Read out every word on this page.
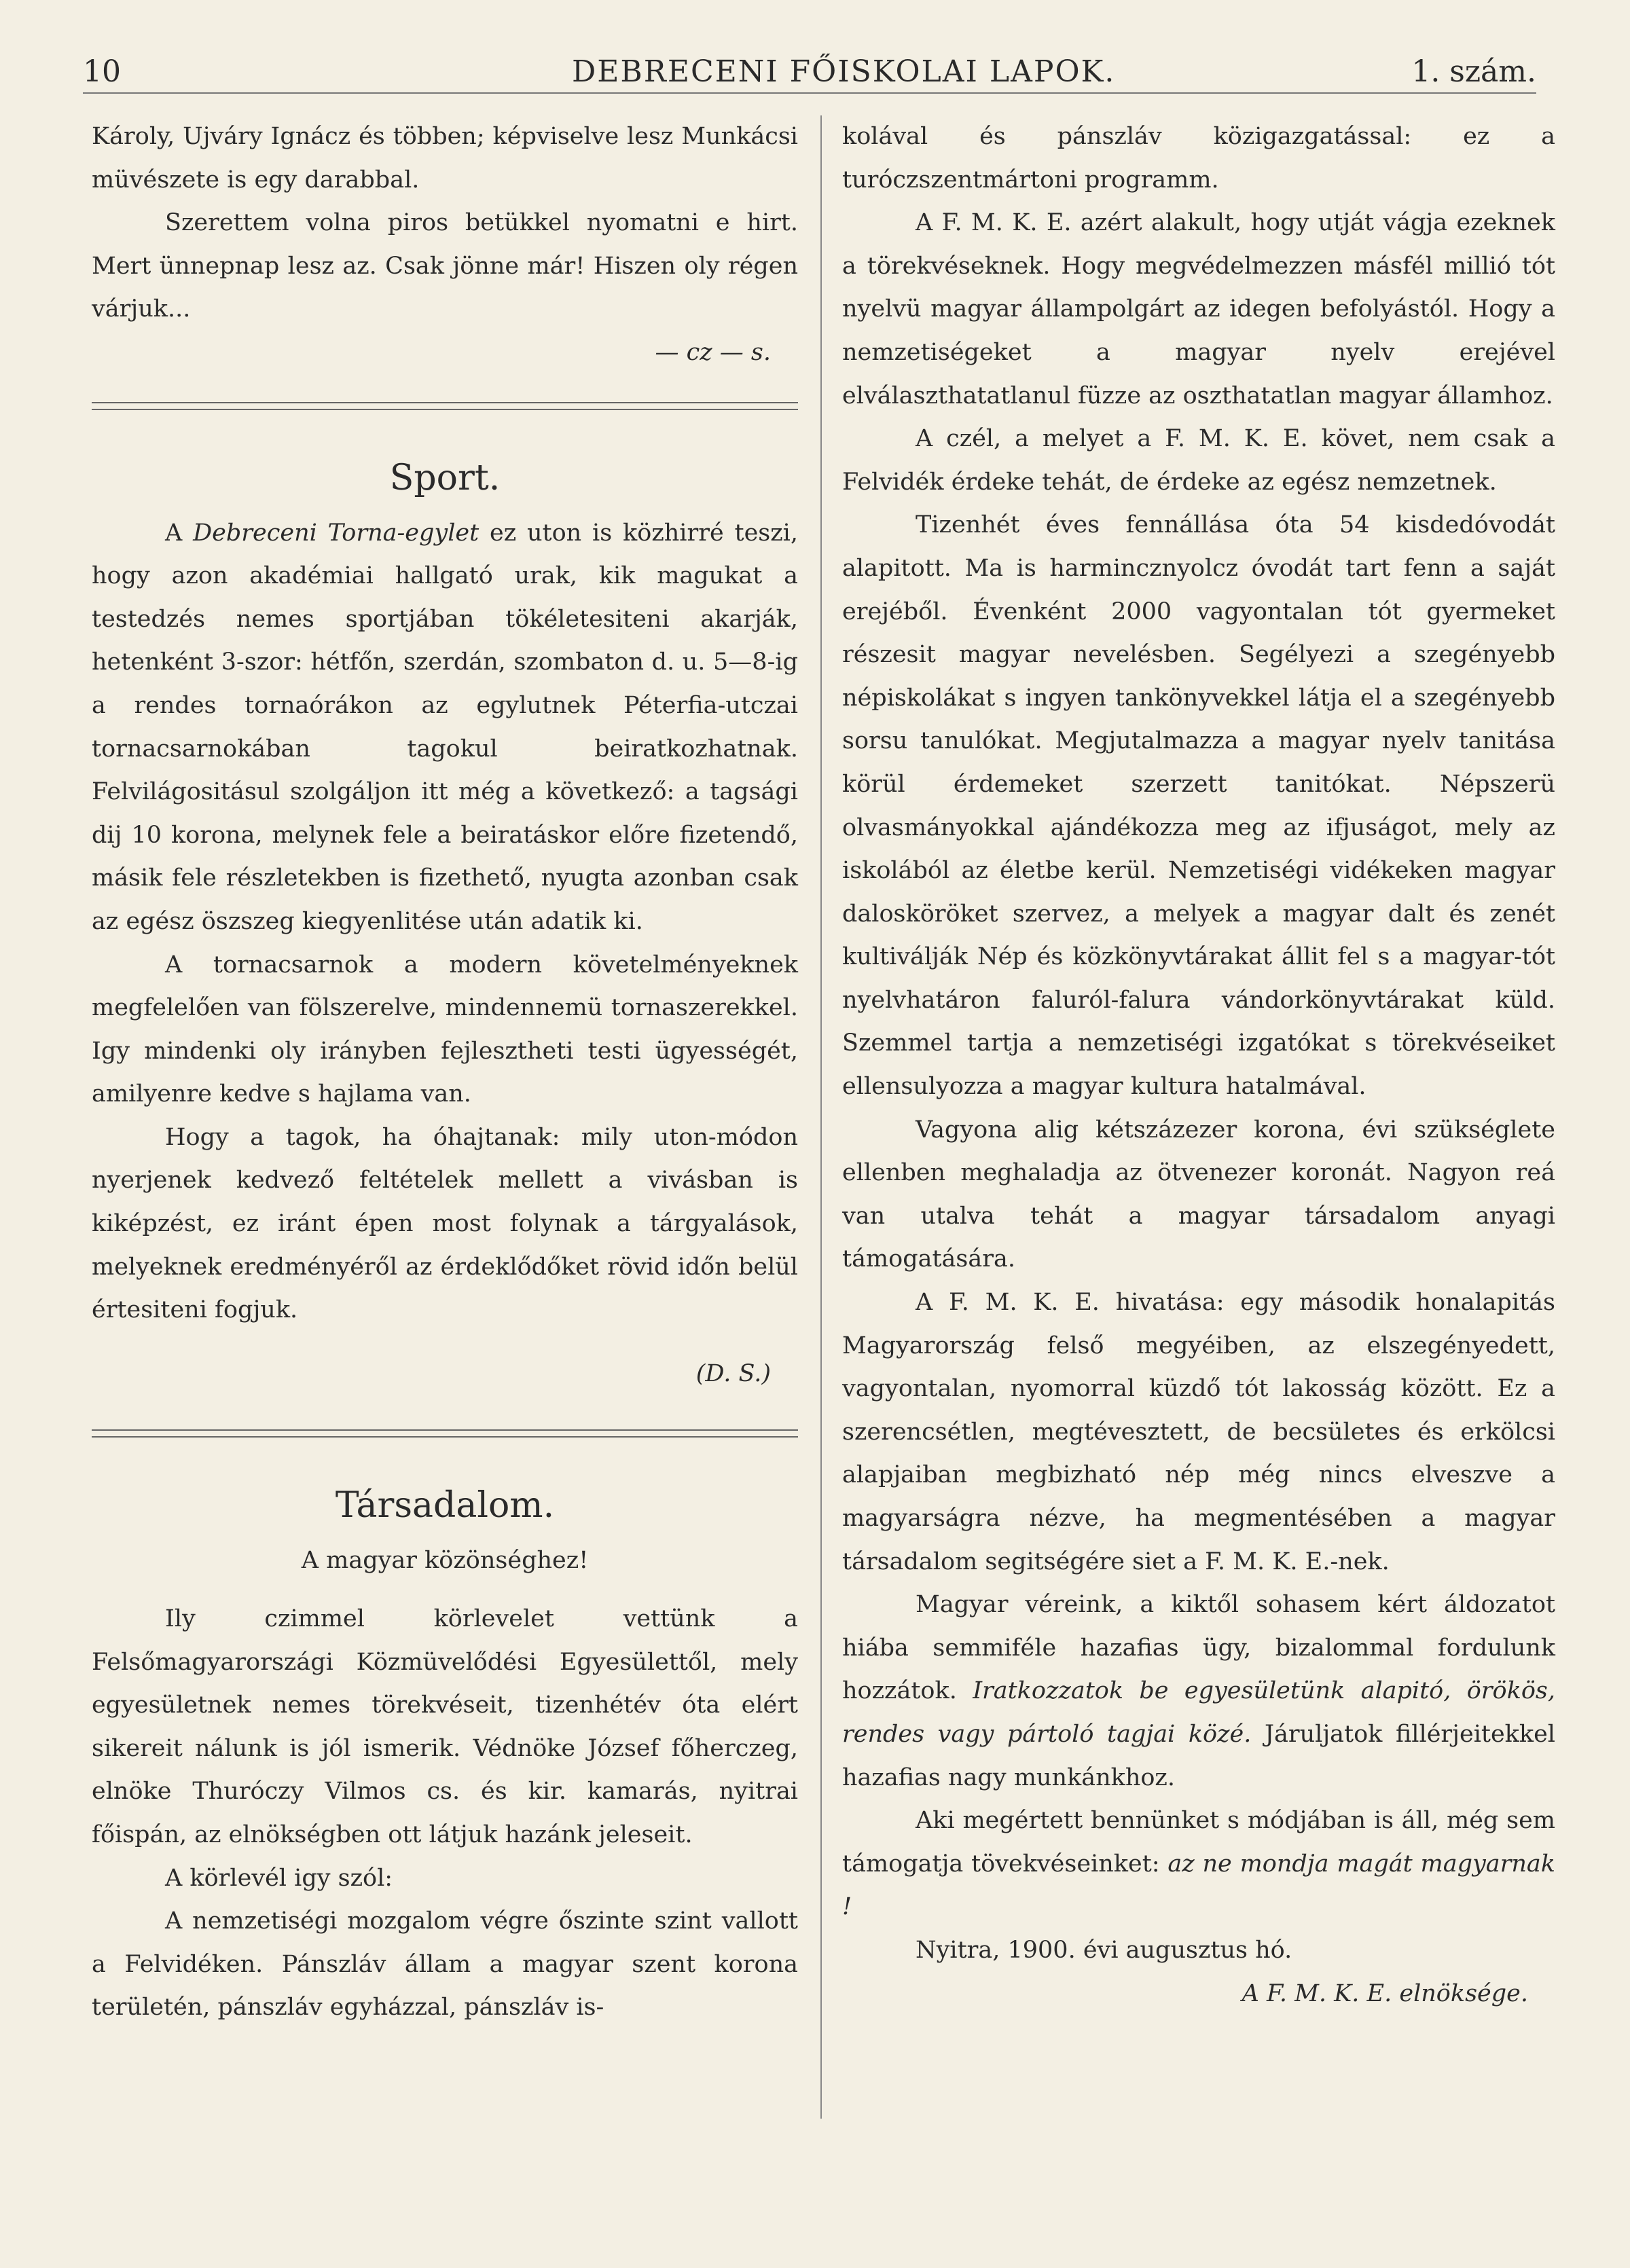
10	DEBRECENI FŐISKOLAI LAPOK.	1. szám.

Károly, Ujváry Ignácz és többen; képviselve lesz Munkácsi müvészete is egy darabbal.

Szerettem volna piros betükkel nyomatni e hirt. Mert ünnepnap lesz az. Csak jönne már! Hiszen oly régen várjuk...

— cz — s.

Sport.

A Debreceni Torna-egylet ez uton is közhirré teszi, hogy azon akadémiai hallgató urak, kik magukat a testedzés nemes sportjában tökéletesiteni akarják, hetenként 3-szor: hétfőn, szerdán, szombaton d. u. 5—8-ig a rendes tornaórákon az egylutnek Péterfia-utczai tornacsarnokában tagokul beiratkozhatnak. Felvilágositásul szolgáljon itt még a következő: a tagsági dij 10 korona, melynek fele a beiratáskor előre fizetendő, másik fele részletekben is fizethető, nyugta azonban csak az egész öszszeg kiegyenlitése után adatik ki.

A tornacsarnok a modern követelményeknek megfelelően van fölszerelve, mindennemü tornaszerekkel. Igy mindenki oly irányben fejlesztheti testi ügyességét, amilyenre kedve s hajlama van.

Hogy a tagok, ha óhajtanak: mily uton-módon nyerjenek kedvező feltételek mellett a vivásban is kiképzést, ez iránt épen most folynak a tárgyalások, melyeknek eredményéről az érdeklődőket rövid időn belül értesiteni fogjuk.

(D. S.)

Társadalom.

A magyar közönséghez!

Ily czimmel körlevelet vettünk a Felsőmagyarországi Közmüvelődési Egyesülettől, mely egyesületnek nemes törekvéseit, tizenhétév óta elért sikereit nálunk is jól ismerik. Védnöke József főherczeg, elnöke Thuróczy Vilmos cs. és kir. kamarás, nyitrai főispán, az elnökségben ott látjuk hazánk jeleseit.

A körlevél igy szól:

A nemzetiségi mozgalom végre őszinte szint vallott a Felvidéken. Pánszláv állam a magyar szent korona területén, pánszláv egyházzal, pánszláv is-

kolával és pánszláv közigazgatással: ez a turóczszentmártoni programm.

A F. M. K. E. azért alakult, hogy utját vágja ezeknek a törekvéseknek. Hogy megvédelmezzen másfél millió tót nyelvü magyar állampolgárt az idegen befolyástól. Hogy a nemzetiségeket a magyar nyelv erejével elválaszthatatlanul füzze az oszthatatlan magyar államhoz.

A czél, a melyet a F. M. K. E. követ, nem csak a Felvidék érdeke tehát, de érdeke az egész nemzetnek.

Tizenhét éves fennállása óta 54 kisdedóvodát alapitott. Ma is harmincznyolcz óvodát tart fenn a saját erejéből. Évenként 2000 vagyontalan tót gyermeket részesit magyar nevelésben. Segélyezi a szegényebb népiskolákat s ingyen tankönyvekkel látja el a szegényebb sorsu tanulókat. Megjutalmazza a magyar nyelv tanitása körül érdemeket szerzett tanitókat. Népszerü olvasmányokkal ajándékozza meg az ifjuságot, mely az iskolából az életbe kerül. Nemzetiségi vidékeken magyar dalosköröket szervez, a melyek a magyar dalt és zenét kultiválják Nép és közkönyvtárakat állit fel s a magyar-tót nyelvhatáron faluról-falura vándorkönyvtárakat küld. Szemmel tartja a nemzetiségi izgatókat s törekvéseiket ellensulyozza a magyar kultura hatalmával.

Vagyona alig kétszázezer korona, évi szükséglete ellenben meghaladja az ötvenezer koronát. Nagyon reá van utalva tehát a magyar társadalom anyagi támogatására.

A F. M. K. E. hivatása: egy második honalapitás Magyarország felső megyéiben, az elszegényedett, vagyontalan, nyomorral küzdő tót lakosság között. Ez a szerencsétlen, megtévesztett, de becsületes és erkölcsi alapjaiban megbizható nép még nincs elveszve a magyarságra nézve, ha megmentésében a magyar társadalom segitségére siet a F. M. K. E.-nek.

Magyar véreink, a kiktől sohasem kért áldozatot hiába semmiféle hazafias ügy, bizalommal fordulunk hozzátok. Iratkozzatok be egyesületünk alapitó, örökös, rendes vagy pártoló tagjai közé. Járuljatok fillérjeitekkel hazafias nagy munkánkhoz.

Aki megértett bennünket s módjában is áll, még sem támogatja tövekvéseinket: az ne mondja magát magyarnak !

Nyitra, 1900. évi augusztus hó.

A F. M. K. E. elnöksége.
